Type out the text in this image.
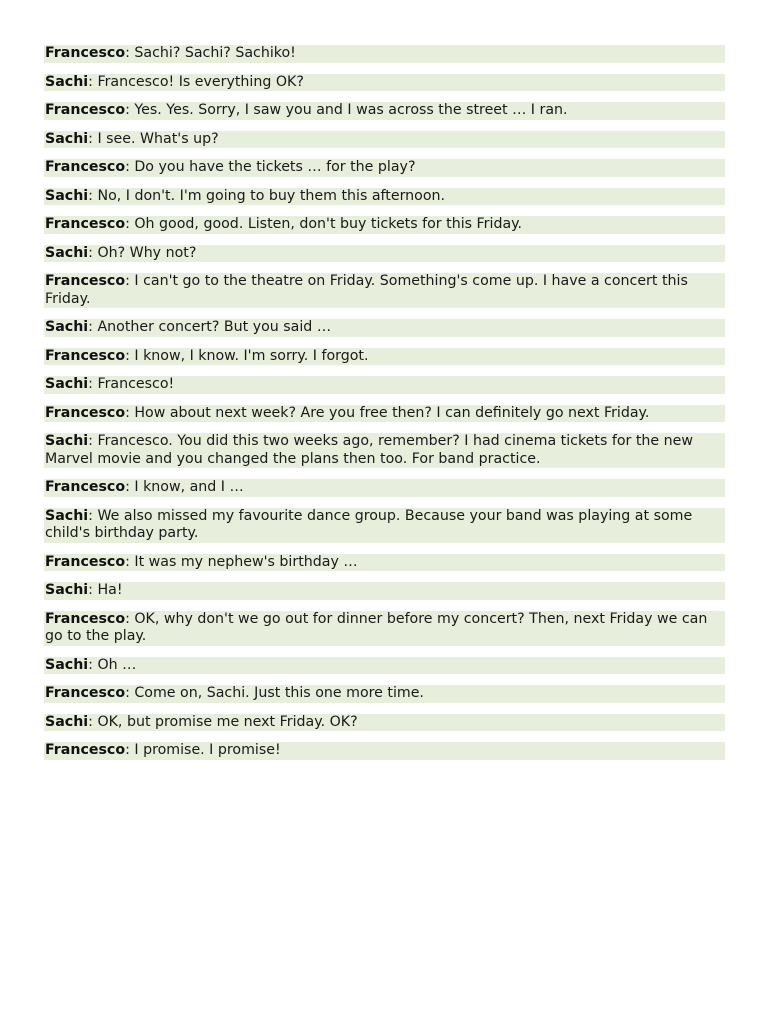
Francesco: Sachi? Sachi? Sachiko!
Sachi: Francesco! Is everything OK?
Francesco: Yes. Yes. Sorry, I saw you and I was across the street … I ran.
Sachi: I see. What's up?
Francesco: Do you have the tickets … for the play?
Sachi: No, I don't. I'm going to buy them this afternoon.
Francesco: Oh good, good. Listen, don't buy tickets for this Friday.
Sachi: Oh? Why not?
Francesco: I can't go to the theatre on Friday. Something's come up. I have a concert this Friday.
Sachi: Another concert? But you said …
Francesco: I know, I know. I'm sorry. I forgot.
Sachi: Francesco!
Francesco: How about next week? Are you free then? I can definitely go next Friday.
Sachi: Francesco. You did this two weeks ago, remember? I had cinema tickets for the new Marvel movie and you changed the plans then too. For band practice.
Francesco: I know, and I …
Sachi: We also missed my favourite dance group. Because your band was playing at some child's birthday party.
Francesco: It was my nephew's birthday …
Sachi: Ha!
Francesco: OK, why don't we go out for dinner before my concert? Then, next Friday we can go to the play.
Sachi: Oh …
Francesco: Come on, Sachi. Just this one more time.
Sachi: OK, but promise me next Friday. OK?
Francesco: I promise. I promise!
